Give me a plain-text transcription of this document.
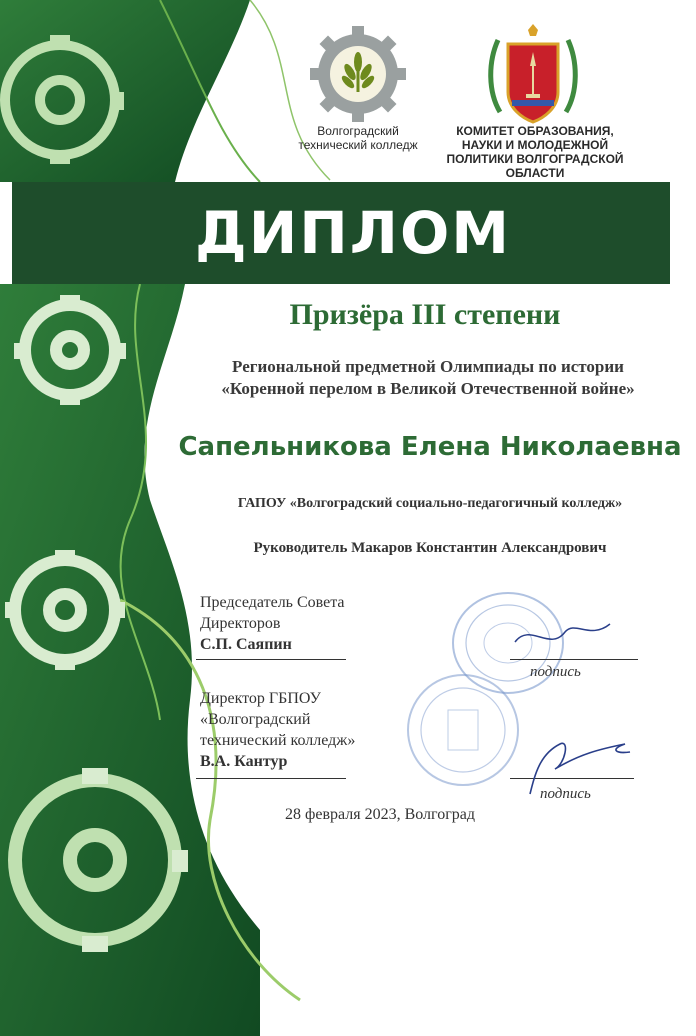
Волгоградский технический колледж
КОМИТЕТ ОБРАЗОВАНИЯ, НАУКИ И МОЛОДЕЖНОЙ ПОЛИТИКИ ВОЛГОГРАДСКОЙ ОБЛАСТИ
ДИПЛОМ
Призёра III степени
Региональной предметной Олимпиады по истории
«Коренной перелом в Великой Отечественной войне»
Сапельникова Елена Николаевна
ГАПОУ «Волгоградский социально-педагогичный колледж»
Руководитель Макаров Константин Александрович
Председатель Совета
Директоров
С.П. Саяпин
подпись
Директор ГБПОУ
«Волгоградский
технический колледж»
В.А. Кантур
подпись
28 февраля 2023, Волгоград
